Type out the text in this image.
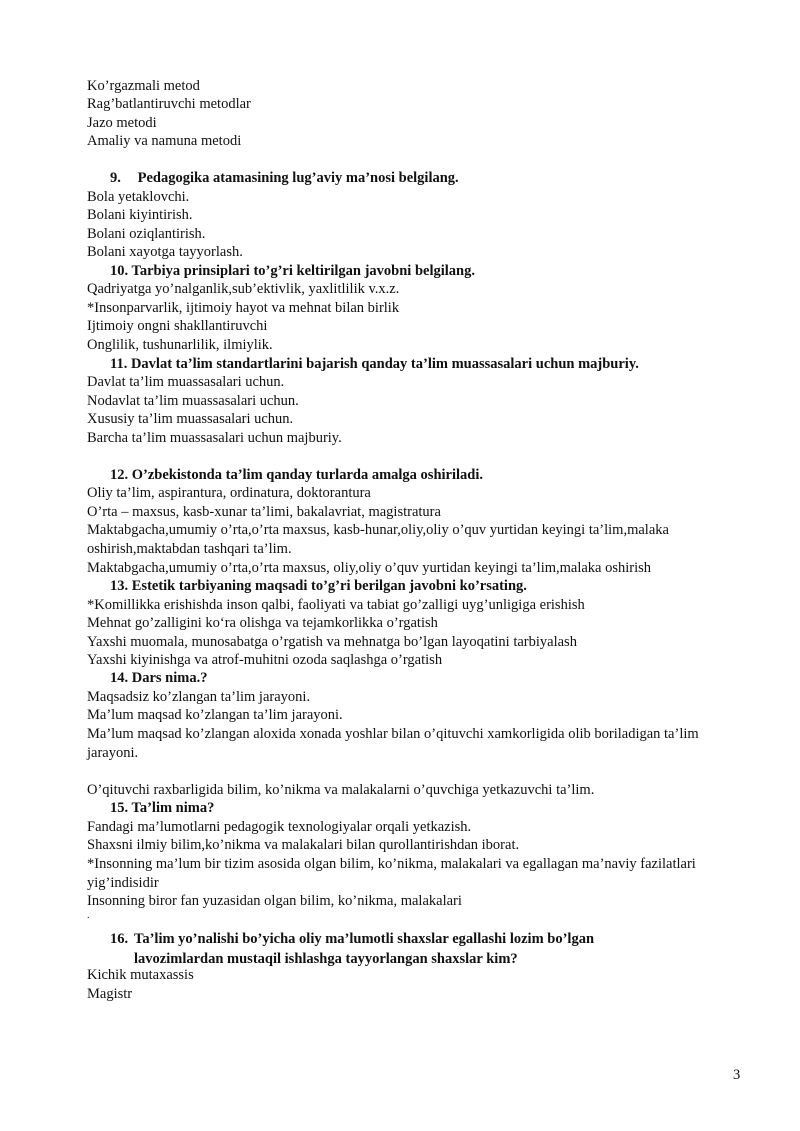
Ko’rgazmali metod
Rag’batlantiruvchi metodlar
Jazo metodi
Amaliy va namuna metodi
9. Pedagogika atamasining lug’aviy ma’nosi belgilang.
Bola yetaklovchi.
Bolani kiyintirish.
Bolani oziqlantirish.
Bolani xayotga tayyorlash.
10. Tarbiya prinsiplari to’g’ri keltirilgan javobni belgilang.
Qadriyatga yo’nalganlik,sub’ektivlik, yaxlitlilik v.x.z.
*Insonparvarlik, ijtimoiy hayot va mehnat bilan birlik
Ijtimoiy ongni shakllantiruvchi
Onglilik, tushunarlilik, ilmiylik.
11. Davlat ta’lim standartlarini bajarish qanday ta’lim muassasalari uchun majburiy.
Davlat ta’lim muassasalari uchun.
Nodavlat ta’lim muassasalari uchun.
Xususiy ta’lim muassasalari uchun.
Barcha ta’lim muassasalari uchun majburiy.
12. O’zbekistonda ta’lim qanday turlarda amalga oshiriladi.
Oliy ta’lim, aspirantura, ordinatura, doktorantura
O’rta – maxsus, kasb-xunar ta’limi, bakalavriat, magistratura
Maktabgacha,umumiy o’rta,o’rta maxsus, kasb-hunar,oliy,oliy o’quv yurtidan keyingi ta’lim,malaka oshirish,maktabdan tashqari ta’lim.
Maktabgacha,umumiy o’rta,o’rta maxsus, oliy,oliy o’quv yurtidan keyingi ta’lim,malaka oshirish
13. Estetik tarbiyaning maqsadi to’g’ri berilgan javobni ko’rsating.
*Komillikka erishishda inson qalbi, faoliyati va tabiat go’zalligi uyg’unligiga erishish
Mehnat go’zalligini ko‘ra olishga va tejamkorlikka o’rgatish
Yaxshi muomala, munosabatga o’rgatish va mehnatga bo’lgan layoqatini tarbiyalash
Yaxshi kiyinishga va atrof-muhitni ozoda saqlashga o’rgatish
14. Dars nima.?
Maqsadsiz ko’zlangan ta’lim jarayoni.
Ma’lum maqsad ko’zlangan ta’lim jarayoni.
Ma’lum maqsad ko’zlangan aloxida xonada yoshlar bilan o’qituvchi xamkorligida olib boriladigan ta’lim jarayoni.
O’qituvchi raxbarligida bilim, ko’nikma va malakalarni o’quvchiga yetkazuvchi ta’lim.
15. Ta’lim nima?
Fandagi ma’lumotlarni pedagogik texnologiyalar orqali yetkazish.
Shaxsni ilmiy bilim,ko’nikma va malakalari bilan qurollantirishdan iborat.
*Insonning ma’lum bir tizim asosida olgan bilim, ko’nikma, malakalari va egallagan ma’naviy fazilatlari yig’indisidir
Insonning biror fan yuzasidan olgan bilim, ko’nikma, malakalari
.
16. Ta’lim yo’nalishi bo’yicha oliy ma’lumotli shaxslar egallashi lozim bo’lgan lavozimlardan mustaqil ishlashga tayyorlangan shaxslar kim?
Kichik mutaxassis
Magistr
3
